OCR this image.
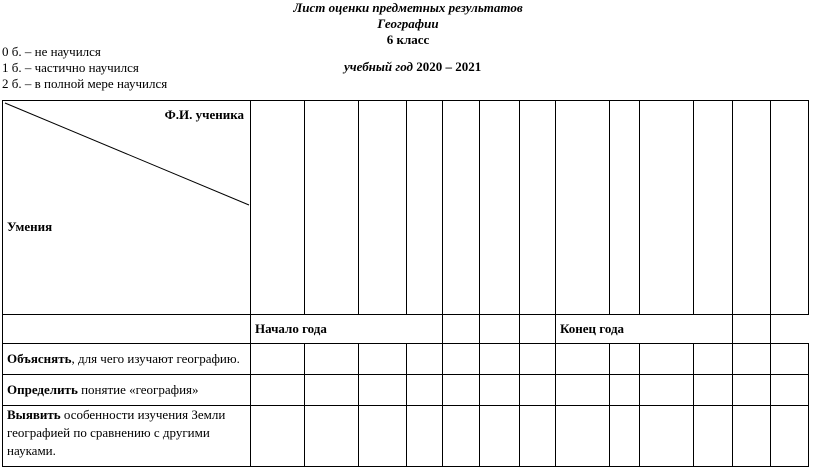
Лист оценки предметных результатов
Географии
6 класс
0 б. – не научился
1 б. – частично научился
2 б. – в полной мере научился
учебный год 2020 – 2021
Ф.И. ученика
Умения													

	Начало года							Конец года					
Объяснять, для чего изучают географию.													
Определить понятие «география»													
Выявить особенности изучения Земли географией по сравнению с другими науками.													
